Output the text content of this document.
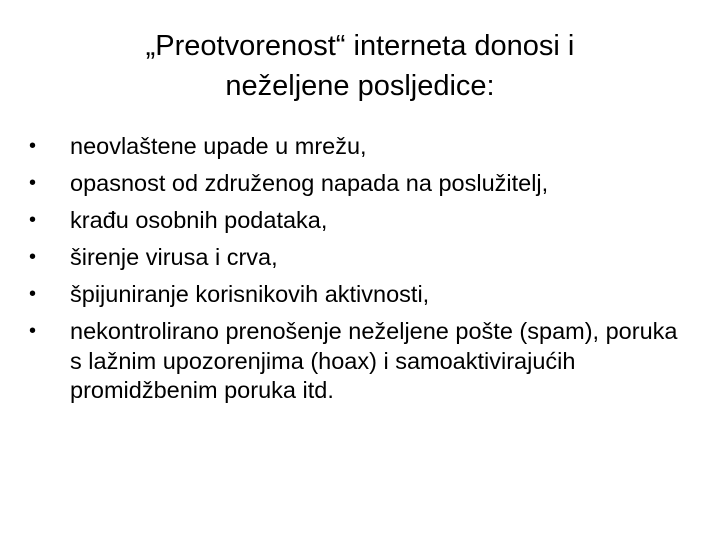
„Preotvorenost“ interneta donosi i
neželjene posljedice:
• neovlaštene upade u mrežu,
• opasnost od združenog napada na poslužitelj,
• krađu osobnih podataka,
• širenje virusa i crva,
• špijuniranje korisnikovih aktivnosti,
• nekontrolirano prenošenje neželjene pošte (spam), poruka s lažnim upozorenjima (hoax) i samoaktivirajućih promidžbenim poruka itd.
